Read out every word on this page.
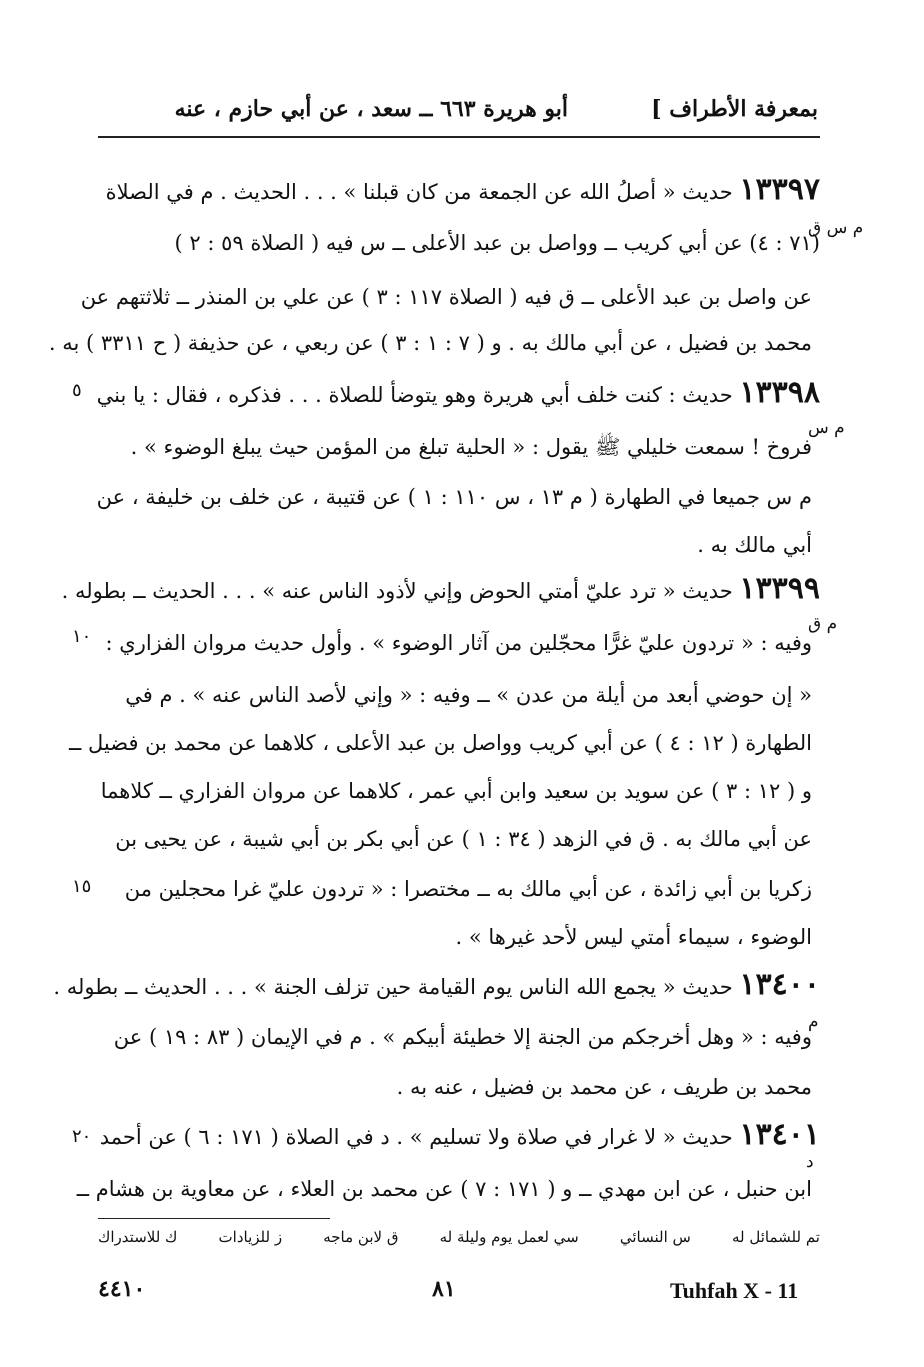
بمعرفة الأطراف ]
أبو هريرة ٦٦٣ ــ سعد ، عن أبي حازم ، عنه
١٣٣٩٧ حديث « أصلُ الله عن الجمعة من كان قبلنا » . . . الحديث . م في الصلاة
م س ق
(٧١ : ٤) عن أبي كريب ــ وواصل بن عبد الأعلى ــ س فيه ( الصلاة ٥٩ : ٢ )
عن واصل بن عبد الأعلى ــ ق فيه ( الصلاة ١١٧ : ٣ ) عن علي بن المنذر ــ ثلاثتهم عن
محمد بن فضيل ، عن أبي مالك به . و ( ٧ : ١ : ٣ ) عن ربعي ، عن حذيفة ( ح ٣٣١١ ) به .
٥	١٣٣٩٨ حديث : كنت خلف أبي هريرة وهو يتوضأ للصلاة . . . فذكره ، فقال : يا بني
م س
فروخ ! سمعت خليلي ﷺ يقول : « الحلية تبلغ من المؤمن حيث يبلغ الوضوء » .
م س جميعا في الطهارة ( م ١٣ ، س ١١٠ : ١ ) عن قتيبة ، عن خلف بن خليفة ، عن
أبي مالك به .
١٣٣٩٩ حديث « ترد عليّ أمتي الحوض وإني لأذود الناس عنه » . . . الحديث ــ بطوله .
م ق
١٠ وفيه : « تردون عليّ غرًّا محجّلين من آثار الوضوء » . وأول حديث مروان الفزاري :
« إن حوضي أبعد من أيلة من عدن » ــ وفيه : « وإني لأصد الناس عنه » . م في
الطهارة ( ١٢ : ٤ ) عن أبي كريب وواصل بن عبد الأعلى ، كلاهما عن محمد بن فضيل ــ
و ( ١٢ : ٣ ) عن سويد بن سعيد وابن أبي عمر ، كلاهما عن مروان الفزاري ــ كلاهما
عن أبي مالك به . ق في الزهد ( ٣٤ : ١ ) عن أبي بكر بن أبي شيبة ، عن يحيى بن
١٥ زكريا بن أبي زائدة ، عن أبي مالك به ــ مختصرا : « تردون عليّ غرا محجلين من
الوضوء ، سيماء أمتي ليس لأحد غيرها » .
١٣٤٠٠ حديث « يجمع الله الناس يوم القيامة حين تزلف الجنة » . . . الحديث ــ بطوله .
م
وفيه : « وهل أخرجكم من الجنة إلا خطيئة أبيكم » . م في الإيمان ( ٨٣ : ١٩ ) عن
محمد بن طريف ، عن محمد بن فضيل ، عنه به .
٢٠	١٣٤٠١ حديث « لا غرار في صلاة ولا تسليم » . د في الصلاة ( ١٧١ : ٦ ) عن أحمد
د
ابن حنبل ، عن ابن مهدي ــ و ( ١٧١ : ٧ ) عن محمد بن العلاء ، عن معاوية بن هشام ــ
تم للشمائل له
س النسائي
سي لعمل يوم وليلة له
ق لابن ماجه
ز للزيادات
ك للاستدراك
٤٤١٠	٨١	Tuhfah X - 11
